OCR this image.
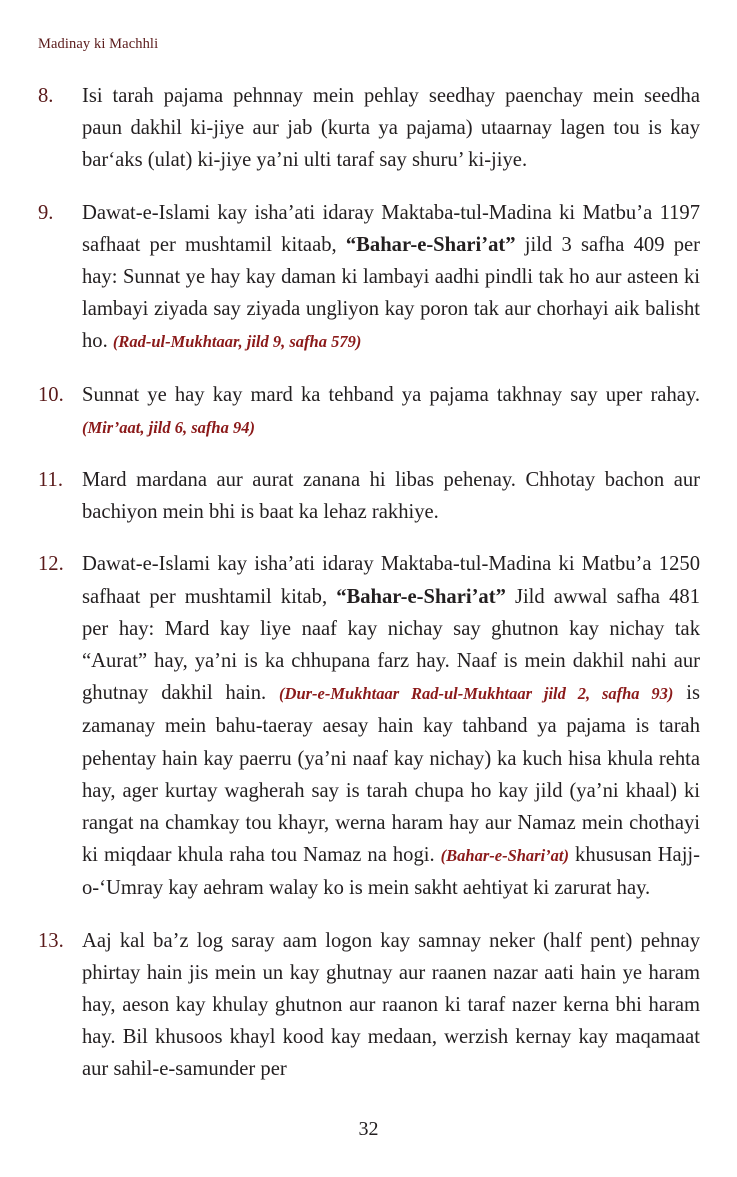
Madinay ki Machhli
8. Isi tarah pajama pehnnay mein pehlay seedhay paenchay mein seedha paun dakhil ki-jiye aur jab (kurta ya pajama) utaarnay lagen tou is kay bar‘aks (ulat) ki-jiye ya’ni ulti taraf say shuru’ ki-jiye.
9. Dawat-e-Islami kay isha’ati idaray Maktaba-tul-Madina ki Matbu’a 1197 safhaat per mushtamil kitaab, “Bahar-e-Shari’at” jild 3 safha 409 per hay: Sunnat ye hay kay daman ki lambayi aadhi pindli tak ho aur asteen ki lambayi ziyada say ziyada ungliyon kay poron tak aur chorhayi aik balisht ho. (Rad-ul-Mukhtaar, jild 9, safha 579)
10. Sunnat ye hay kay mard ka tehband ya pajama takhnay say uper rahay. (Mir’aat, jild 6, safha 94)
11. Mard mardana aur aurat zanana hi libas pehenay. Chhotay bachon aur bachiyon mein bhi is baat ka lehaz rakhiye.
12. Dawat-e-Islami kay isha’ati idaray Maktaba-tul-Madina ki Matbu’a 1250 safhaat per mushtamil kitab, “Bahar-e-Shari’at” Jild awwal safha 481 per hay: Mard kay liye naaf kay nichay say ghutnon kay nichay tak “Aurat” hay, ya’ni is ka chhupana farz hay. Naaf is mein dakhil nahi aur ghutnay dakhil hain. (Dur-e-Mukhtaar Rad-ul-Mukhtaar jild 2, safha 93) is zamanay mein bahu-taeray aesay hain kay tahband ya pajama is tarah pehentay hain kay paerru (ya’ni naaf kay nichay) ka kuch hisa khula rehta hay, ager kurtay wagherah say is tarah chupa ho kay jild (ya’ni khaal) ki rangat na chamkay tou khayr, werna haram hay aur Namaz mein chothayi ki miqdaar khula raha tou Namaz na hogi. (Bahar-e-Shari’at) khususan Hajj-o-‘Umray kay aehram walay ko is mein sakht aehtiyat ki zarurat hay.
13. Aaj kal ba’z log saray aam logon kay samnay neker (half pent) pehnay phirtay hain jis mein un kay ghutnay aur raanen nazar aati hain ye haram hay, aeson kay khulay ghutnon aur raanon ki taraf nazer kerna bhi haram hay. Bil khusoos khayl kood kay medaan, werzish kernay kay maqamaat aur sahil-e-samunder per
32
